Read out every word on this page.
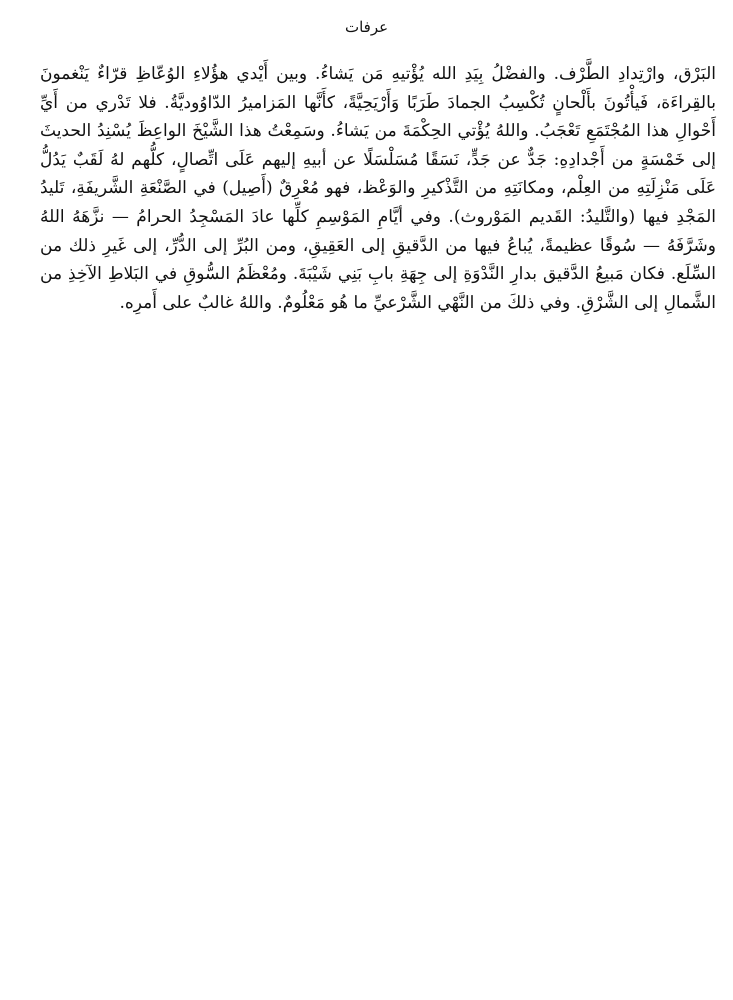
عرفات

البَرْق، وارْتِدادِ الطَّرْف. والفضْلُ بِيَدِ الله يُؤْتيهِ مَن يَشاءُ. وبين أَيْدي هؤُلاءِ الوُعّاظِ قرّاءٌ يَنْغمونَ بالقِراءَة، فَيأْتُونَ بأَلْحانٍ تُكْسِبُ الجمادَ طَرَبًا وَأَرْيَحِيَّةً، كأَنَّها المَزاميرُ الدّاوُوديَّةُ. فلا تَدْري من أَيِّ أَحْوالِ هذا المُجْتَمَعِ تَعْجَبُ. واللهُ يُؤْتي الحِكْمَةَ من يَشاءُ. وسَمِعْتُ هذا الشَّيْخَ الواعِظَ يُسْنِدُ الحديثَ إلى خَمْسَةٍ من أَجْدادِهِ: جَدٌّ عن جَدٍّ، نَسَقًا مُسَلْسَلًا عن أبيهِ إليهم عَلَى اتِّصالٍ، كلُّهم لهُ لَقَبٌ يَدُلُّ عَلَى مَنْزِلَتِهِ من العِلْم، ومكانَتِهِ من التَّذْكيرِ والوَعْظ، فهو مُعْرِقٌ (أَصِيل) في الصَّنْعَةِ الشَّريفَةِ، تَليدُ المَجْدِ فيها (والتَّليدُ: القَديم المَوْروث). وفي أيَّامِ المَوْسِمِ كلِّها عادَ المَسْجِدُ الحرامُ — نزَّهَهُ اللهُ وشَرَّفَهُ — سُوقًا عظيمةً، يُباعُ فيها من الدَّقيقِ إلى العَقِيقِ، ومن البُرِّ إلى الدُّرِّ، إلى غَيرِ ذلك من السِّلَع. فكان مَبيعُ الدَّقيق بدارِ النَّدْوَةِ إلى جِهَةِ بابِ بَنِي شَيْبَةَ. ومُعْظَمُ السُّوقِ في البَلاطِ الآخِذِ من الشَّمالِ إلى الشَّرْقِ. وفي ذلكَ من النَّهْي الشَّرْعيِّ ما هُو مَعْلُومٌ. واللهُ غالبٌ على أَمرِه.
